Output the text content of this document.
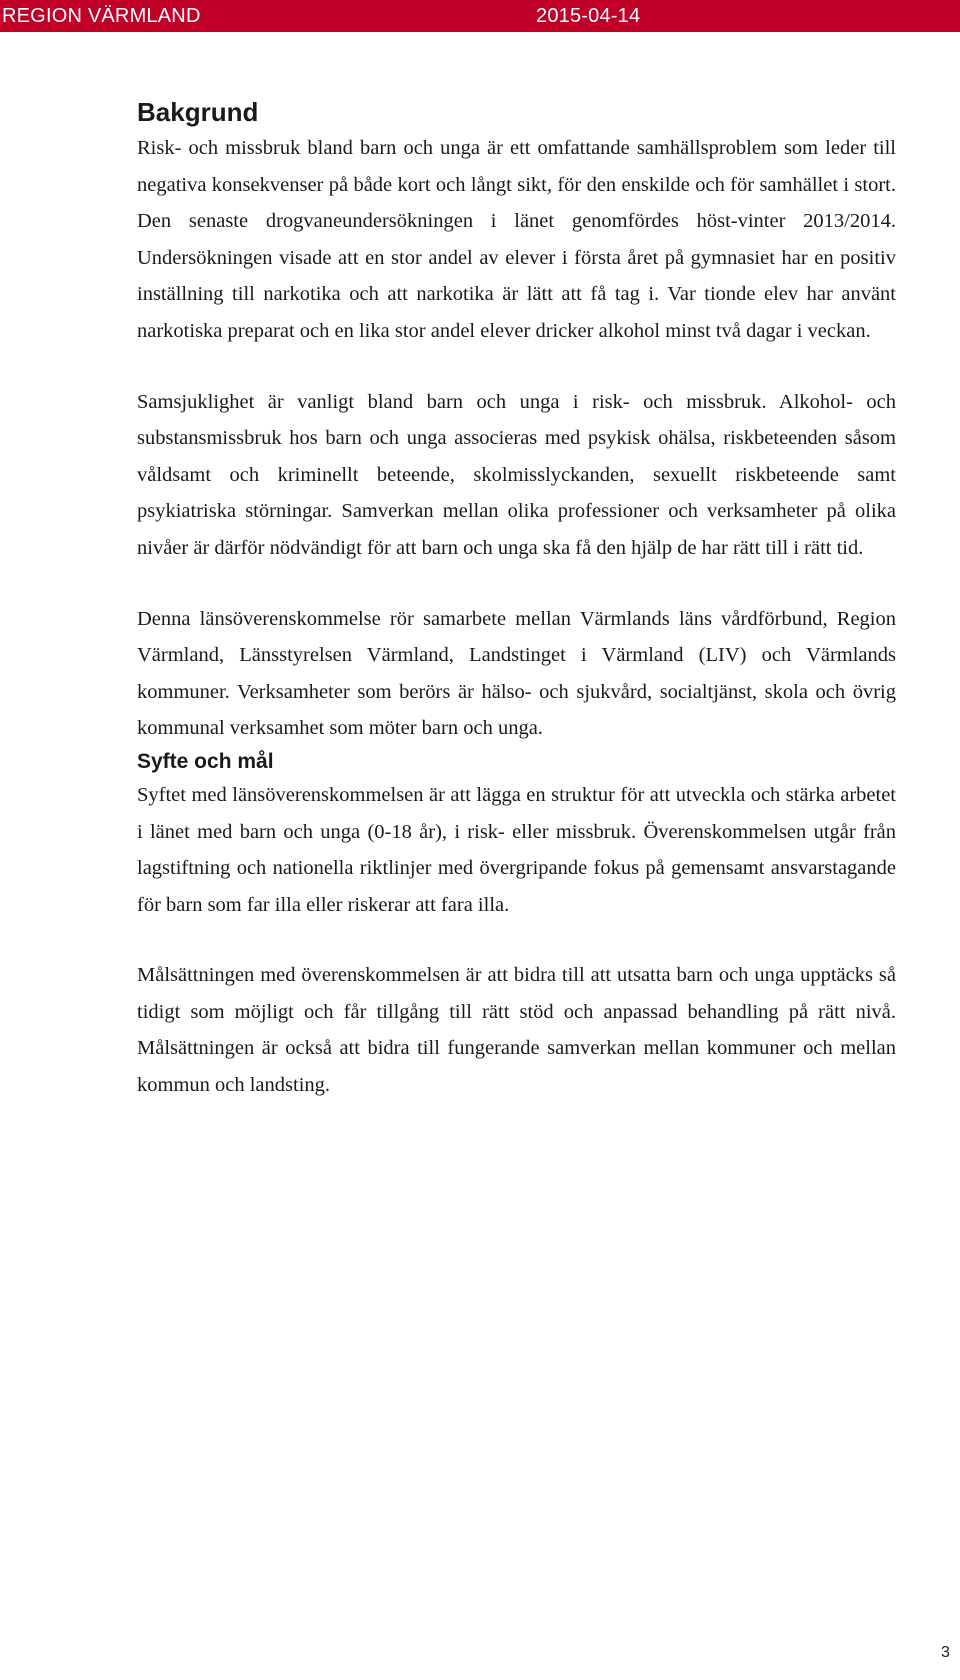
REGION VÄRMLAND	2015-04-14
Bakgrund

Risk- och missbruk bland barn och unga är ett omfattande samhällsproblem som leder till negativa konsekvenser på både kort och långt sikt, för den enskilde och för samhället i stort. Den senaste drogvaneundersökningen i länet genomfördes höst-vinter 2013/2014. Undersökningen visade att en stor andel av elever i första året på gymnasiet har en positiv inställning till narkotika och att narkotika är lätt att få tag i. Var tionde elev har använt narkotiska preparat och en lika stor andel elever dricker alkohol minst två dagar i veckan.

Samsjuklighet är vanligt bland barn och unga i risk- och missbruk. Alkohol- och substansmissbruk hos barn och unga associeras med psykisk ohälsa, riskbeteenden såsom våldsamt och kriminellt beteende, skolmisslyckanden, sexuellt riskbeteende samt psykiatriska störningar. Samverkan mellan olika professioner och verksamheter på olika nivåer är därför nödvändigt för att barn och unga ska få den hjälp de har rätt till i rätt tid.

Denna länsöverenskommelse rör samarbete mellan Värmlands läns vårdförbund, Region Värmland, Länsstyrelsen Värmland, Landstinget i Värmland (LIV) och Värmlands kommuner. Verksamheter som berörs är hälso- och sjukvård, socialtjänst, skola och övrig kommunal verksamhet som möter barn och unga.

Syfte och mål

Syftet med länsöverenskommelsen är att lägga en struktur för att utveckla och stärka arbetet i länet med barn och unga (0-18 år), i risk- eller missbruk. Överenskommelsen utgår från lagstiftning och nationella riktlinjer med övergripande fokus på gemensamt ansvarstagande för barn som far illa eller riskerar att fara illa.

Målsättningen med överenskommelsen är att bidra till att utsatta barn och unga upptäcks så tidigt som möjligt och får tillgång till rätt stöd och anpassad behandling på rätt nivå. Målsättningen är också att bidra till fungerande samverkan mellan kommuner och mellan kommun och landsting.

3
